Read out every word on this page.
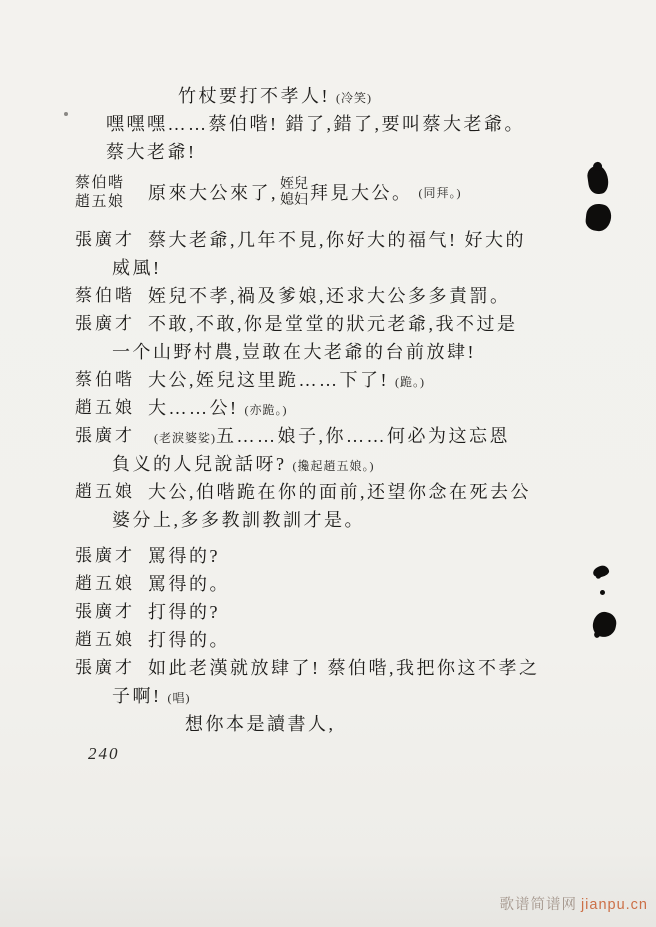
竹杖要打不孝人! (冷笑)
嘿嘿嘿……蔡伯喈! 錯了,錯了,要叫蔡大老爺。
蔡大老爺!
蔡伯喈
趙五娘	原來大公來了, 姪兒
媳妇 拜見大公。 (同拜。)
張廣才 蔡大老爺,几年不見,你好大的福气! 好大的
威風!
蔡伯喈 姪兒不孝,禍及爹娘,还求大公多多責罰。
張廣才 不敢,不敢,你是堂堂的狀元老爺,我不过是
一个山野村農,豈敢在大老爺的台前放肆!
蔡伯喈 大公,姪兒这里跪……下了! (跪。)
趙五娘 大……公! (亦跪。)
張廣才	(老淚婆娑)五……娘子,你……何必为这忘恩
負义的人兒說話呀? (攙起趙五娘。)
趙五娘 大公,伯喈跪在你的面前,还望你念在死去公
婆分上,多多教訓教訓才是。
張廣才 罵得的?
趙五娘 罵得的。
張廣才 打得的?
趙五娘 打得的。
張廣才 如此老漢就放肆了! 蔡伯喈,我把你这不孝之
子啊! (唱)
想你本是讀書人,
240
歌谱简谱网 jianpu.cn
